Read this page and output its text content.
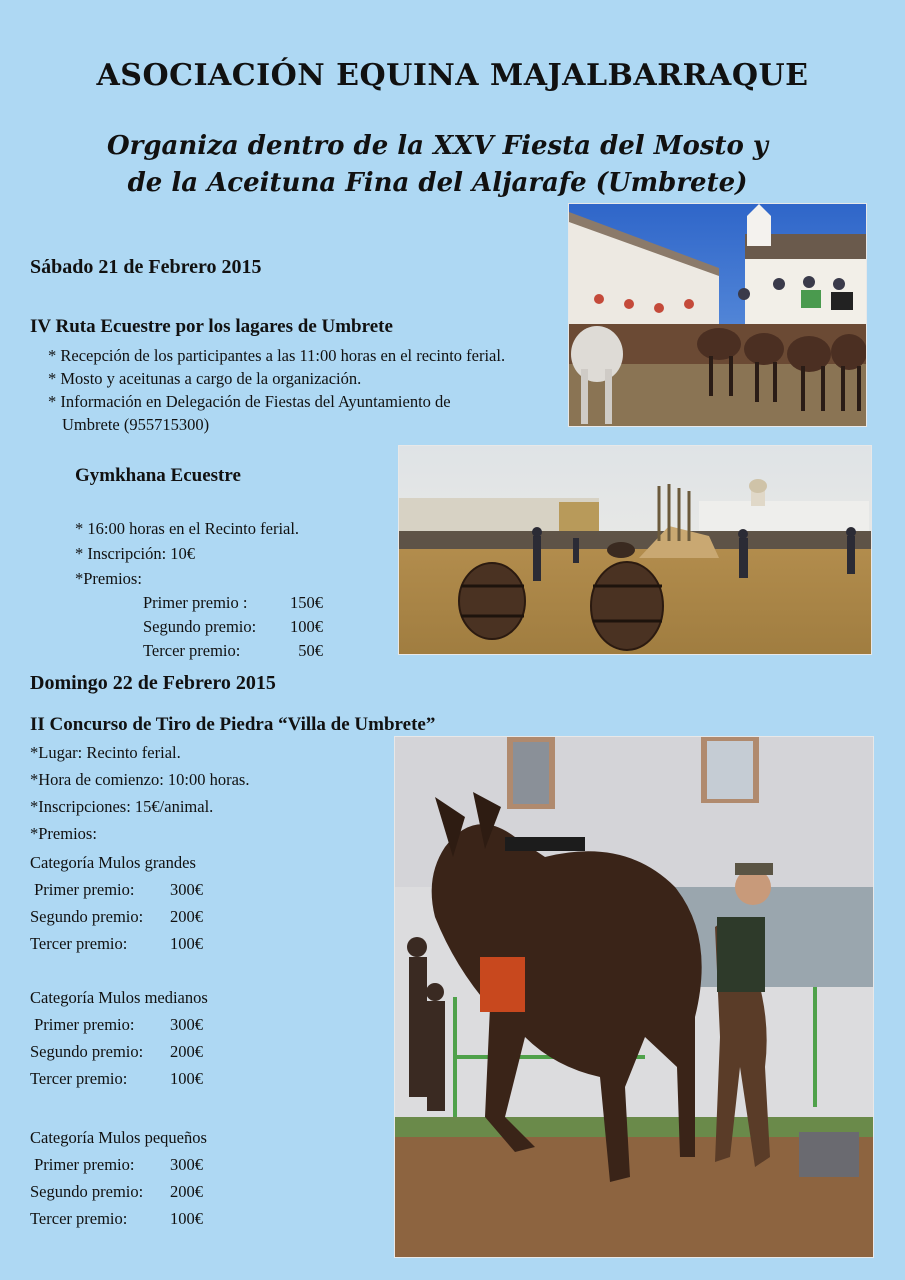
ASOCIACIÓN EQUINA MAJALBARRAQUE
Organiza dentro de la XXV Fiesta del Mosto y
de la Aceituna Fina del Aljarafe (Umbrete)
Sábado 21 de Febrero 2015
IV Ruta Ecuestre por los lagares de Umbrete
* Recepción de los participantes a las 11:00 horas en el recinto ferial.
* Mosto y aceitunas a cargo de la organización.
* Información en Delegación de Fiestas del Ayuntamiento de
Umbrete (955715300)
Gymkhana Ecuestre
* 16:00 horas en el Recinto ferial.
* Inscripción: 10€
*Premios:
Primer premio :	150€
Segundo premio:	100€
Tercer premio:	50€
Domingo 22 de Febrero 2015
II Concurso de Tiro de Piedra “Villa de Umbrete”
*Lugar: Recinto ferial.
*Hora de comienzo: 10:00 horas.
*Inscripciones: 15€/animal.
*Premios:
Categoría Mulos grandes
Primer premio: 300€
Segundo premio: 200€
Tercer premio:	100€
Categoría Mulos medianos
Primer premio: 300€
Segundo premio: 200€
Tercer premio:	100€
Categoría Mulos pequeños
Primer premio: 300€
Segundo premio: 200€
Tercer premio:	100€
